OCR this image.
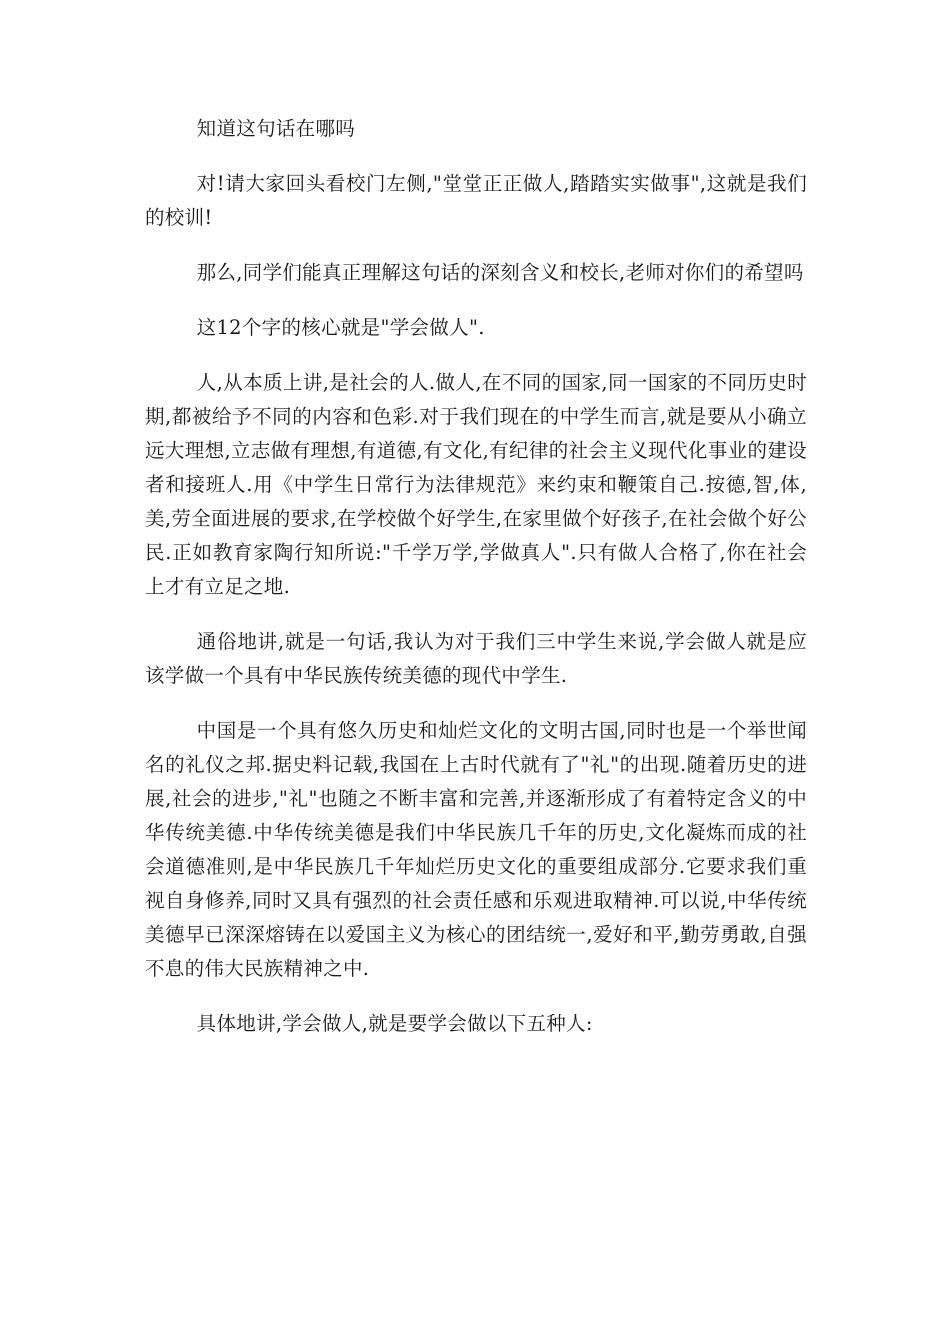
知道这句话在哪吗

对!请大家回头看校门左侧,"堂堂正正做人,踏踏实实做事",这就是我们的校训!

那么,同学们能真正理解这句话的深刻含义和校长,老师对你们的希望吗

这12个字的核心就是"学会做人".

人,从本质上讲,是社会的人.做人,在不同的国家,同一国家的不同历史时期,都被给予不同的内容和色彩.对于我们现在的中学生而言,就是要从小确立远大理想,立志做有理想,有道德,有文化,有纪律的社会主义现代化事业的建设者和接班人.用《中学生日常行为法律规范》来约束和鞭策自己.按德,智,体,美,劳全面进展的要求,在学校做个好学生,在家里做个好孩子,在社会做个好公民.正如教育家陶行知所说:"千学万学,学做真人".只有做人合格了,你在社会上才有立足之地.

通俗地讲,就是一句话,我认为对于我们三中学生来说,学会做人就是应该学做一个具有中华民族传统美德的现代中学生.

中国是一个具有悠久历史和灿烂文化的文明古国,同时也是一个举世闻名的礼仪之邦.据史料记载,我国在上古时代就有了"礼"的出现.随着历史的进展,社会的进步,"礼"也随之不断丰富和完善,并逐渐形成了有着特定含义的中华传统美德.中华传统美德是我们中华民族几千年的历史,文化凝炼而成的社会道德准则,是中华民族几千年灿烂历史文化的重要组成部分.它要求我们重视自身修养,同时又具有强烈的社会责任感和乐观进取精神.可以说,中华传统美德早已深深熔铸在以爱国主义为核心的团结统一,爱好和平,勤劳勇敢,自强不息的伟大民族精神之中.

具体地讲,学会做人,就是要学会做以下五种人:
